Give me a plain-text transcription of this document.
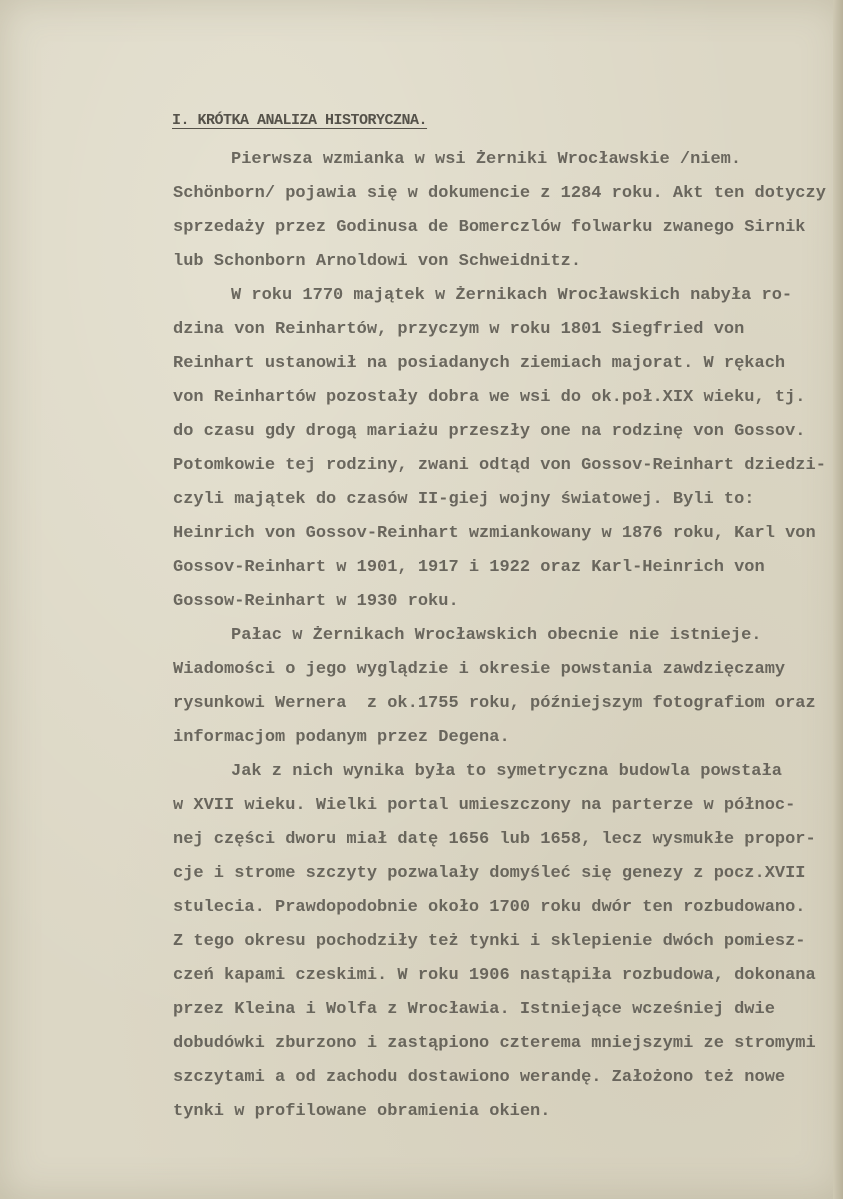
I. KRÓTKA ANALIZA HISTORYCZNA.
Pierwsza wzmianka w wsi Żerniki Wrocławskie /niem.
Schönborn/ pojawia się w dokumencie z 1284 roku. Akt ten dotyczy
sprzedaży przez Godinusa de Bomerczlów folwarku zwanego Sirnik
lub Schonborn Arnoldowi von Schweidnitz.
W roku 1770 majątek w Żernikach Wrocławskich nabyła ro-
dzina von Reinhartów, przyczym w roku 1801 Siegfried von
Reinhart ustanowił na posiadanych ziemiach majorat. W rękach
von Reinhartów pozostały dobra we wsi do ok.poł.XIX wieku, tj.
do czasu gdy drogą mariażu przeszły one na rodzinę von Gossov.
Potomkowie tej rodziny, zwani odtąd von Gossov-Reinhart dziedzi-
czyli majątek do czasów II-giej wojny światowej. Byli to:
Heinrich von Gossov-Reinhart wzmiankowany w 1876 roku, Karl von
Gossov-Reinhart w 1901, 1917 i 1922 oraz Karl-Heinrich von
Gossow-Reinhart w 1930 roku.
Pałac w Żernikach Wrocławskich obecnie nie istnieje.
Wiadomości o jego wyglądzie i okresie powstania zawdzięczamy
rysunkowi Wernera  z ok.1755 roku, późniejszym fotografiom oraz
informacjom podanym przez Degena.
Jak z nich wynika była to symetryczna budowla powstała
w XVII wieku. Wielki portal umieszczony na parterze w północ-
nej części dworu miał datę 1656 lub 1658, lecz wysmukłe propor-
cje i strome szczyty pozwalały domyśleć się genezy z pocz.XVII
stulecia. Prawdopodobnie około 1700 roku dwór ten rozbudowano.
Z tego okresu pochodziły też tynki i sklepienie dwóch pomiesz-
czeń kapami czeskimi. W roku 1906 nastąpiła rozbudowa, dokonana
przez Kleina i Wolfa z Wrocławia. Istniejące wcześniej dwie
dobudówki zburzono i zastąpiono czterema mniejszymi ze stromymi
szczytami a od zachodu dostawiono werandę. Założono też nowe
tynki w profilowane obramienia okien.
